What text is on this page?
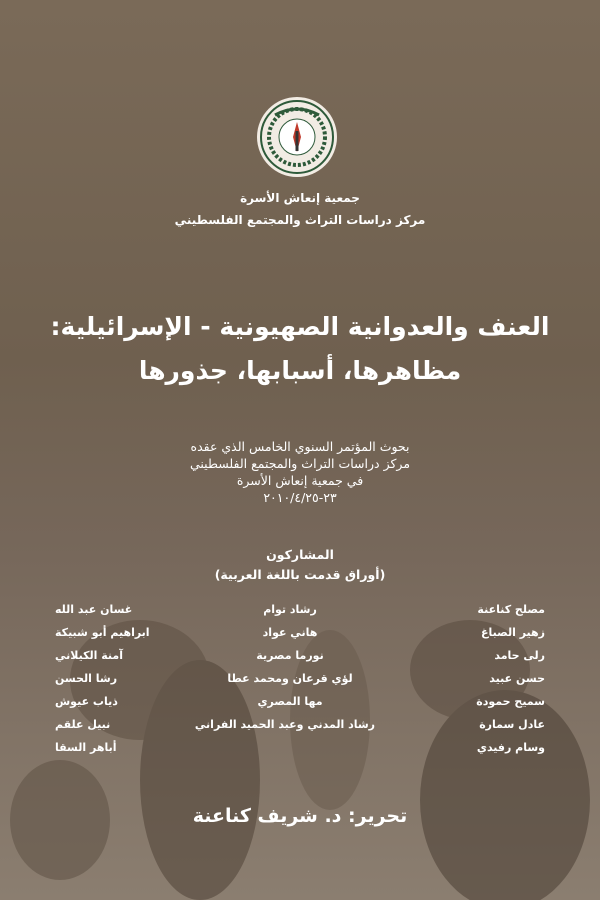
جمعية إنعاش الأسرة
مركز دراسات التراث والمجتمع الفلسطيني
العنف والعدوانية الصهيونية - الإسرائيلية:
مظاهرها، أسبابها، جذورها
بحوث المؤتمر السنوي الخامس الذي عقده
مركز دراسات التراث والمجتمع الفلسطيني
في جمعية إنعاش الأسرة
٢٣-٢٠١٠/٤/٢٥
المشاركون
(أوراق قدمت باللغة العربية)
مصلح كناعنة
زهير الصباغ
رلى حامد
حسن عبيد
سميح حمودة
عادل سمارة
وسام رفيدي
رشاد توام
هاني عواد
نورما مصرية
لؤي قرعان ومحمد عطا
مها المصري
رشاد المدني وعبد الحميد الفراني
غسان عبد الله
ابراهيم أبو شبيكة
آمنة الكيلاني
رشا الحسن
ذياب عيوش
نبيل علقم
أباهر السقا
تحرير: د. شريف كناعنة
